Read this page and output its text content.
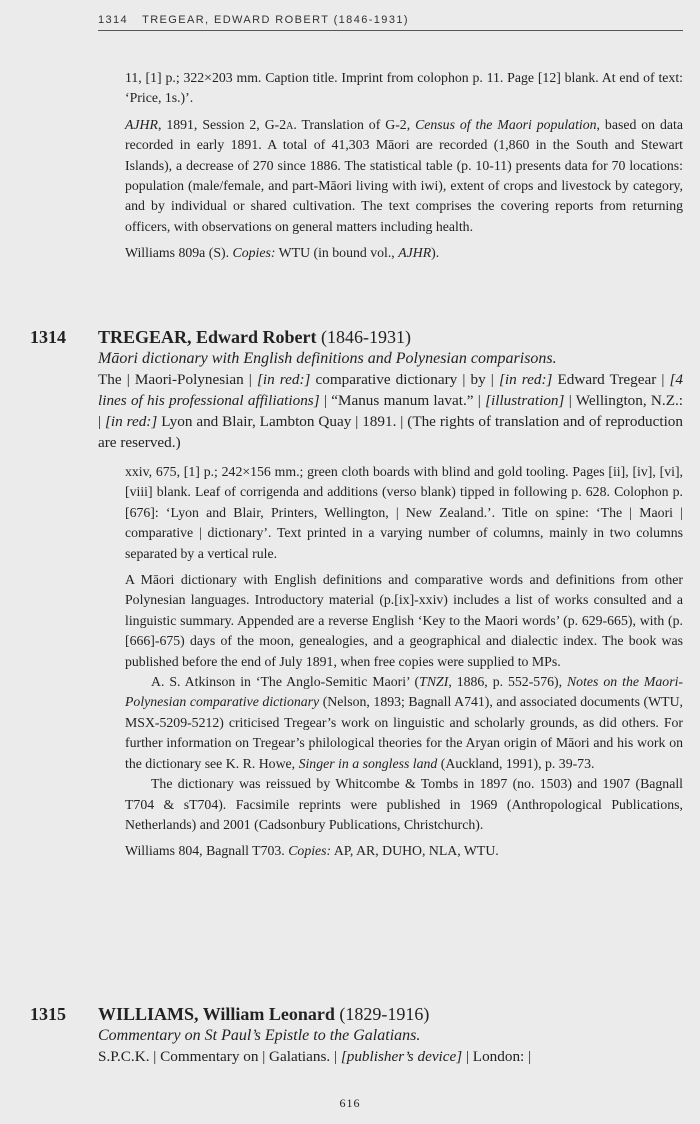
1314 TREGEAR, EDWARD ROBERT (1846-1931)

11, [1] p.; 322×203 mm. Caption title. Imprint from colophon p. 11. Page [12] blank. At end of text: ‘Price, 1s.)’.

AJHR, 1891, Session 2, G-2a. Translation of G-2, Census of the Maori population, based on data recorded in early 1891. A total of 41,303 Māori are recorded (1,860 in the South and Stewart Islands), a decrease of 270 since 1886. The statistical table (p. 10-11) presents data for 70 locations: population (male/female, and part-Māori living with iwi), extent of crops and livestock by category, and by individual or shared cultivation. The text comprises the covering reports from returning officers, with observations on general matters including health.

Williams 809a (S). Copies: WTU (in bound vol., AJHR).

1314 TREGEAR, Edward Robert (1846-1931)
Māori dictionary with English definitions and Polynesian comparisons.

The | Maori-Polynesian | [in red:] comparative dictionary | by | [in red:] Edward Tregear | [4 lines of his professional affiliations] | “Manus manum lavat.” | [illustration] | Wellington, N.Z.: | [in red:] Lyon and Blair, Lambton Quay | 1891. | (The rights of translation and of reproduction are reserved.)

xxiv, 675, [1] p.; 242×156 mm.; green cloth boards with blind and gold tooling. Pages [ii], [iv], [vi], [viii] blank. Leaf of corrigenda and additions (verso blank) tipped in following p. 628. Colophon p. [676]: ‘Lyon and Blair, Printers, Wellington, | New Zealand.’. Title on spine: ‘The | Maori | comparative | dictionary’. Text printed in a varying number of columns, mainly in two columns separated by a vertical rule.

A Māori dictionary with English definitions and comparative words and definitions from other Polynesian languages. Introductory material (p.[ix]-xxiv) includes a list of works consulted and a linguistic summary. Appended are a reverse English ‘Key to the Maori words’ (p. 629-665), with (p. [666]-675) days of the moon, genealogies, and a geographical and dialectic index. The book was published before the end of July 1891, when free copies were supplied to MPs.

A. S. Atkinson in ‘The Anglo-Semitic Maori’ (TNZI, 1886, p. 552-576), Notes on the Maori-Polynesian comparative dictionary (Nelson, 1893; Bagnall A741), and associated documents (WTU, MSX-5209-5212) criticised Tregear’s work on linguistic and scholarly grounds, as did others. For further information on Tregear’s philological theories for the Aryan origin of Māori and his work on the dictionary see K. R. Howe, Singer in a songless land (Auckland, 1991), p. 39-73.

The dictionary was reissued by Whitcombe & Tombs in 1897 (no. 1503) and 1907 (Bagnall T704 & sT704). Facsimile reprints were published in 1969 (Anthropological Publications, Netherlands) and 2001 (Cadsonbury Publications, Christchurch).

Williams 804, Bagnall T703. Copies: AP, AR, DUHO, NLA, WTU.

1315 WILLIAMS, William Leonard (1829-1916)
Commentary on St Paul’s Epistle to the Galatians.

S.P.C.K. | Commentary on | Galatians. | [publisher’s device] | London: |

616
